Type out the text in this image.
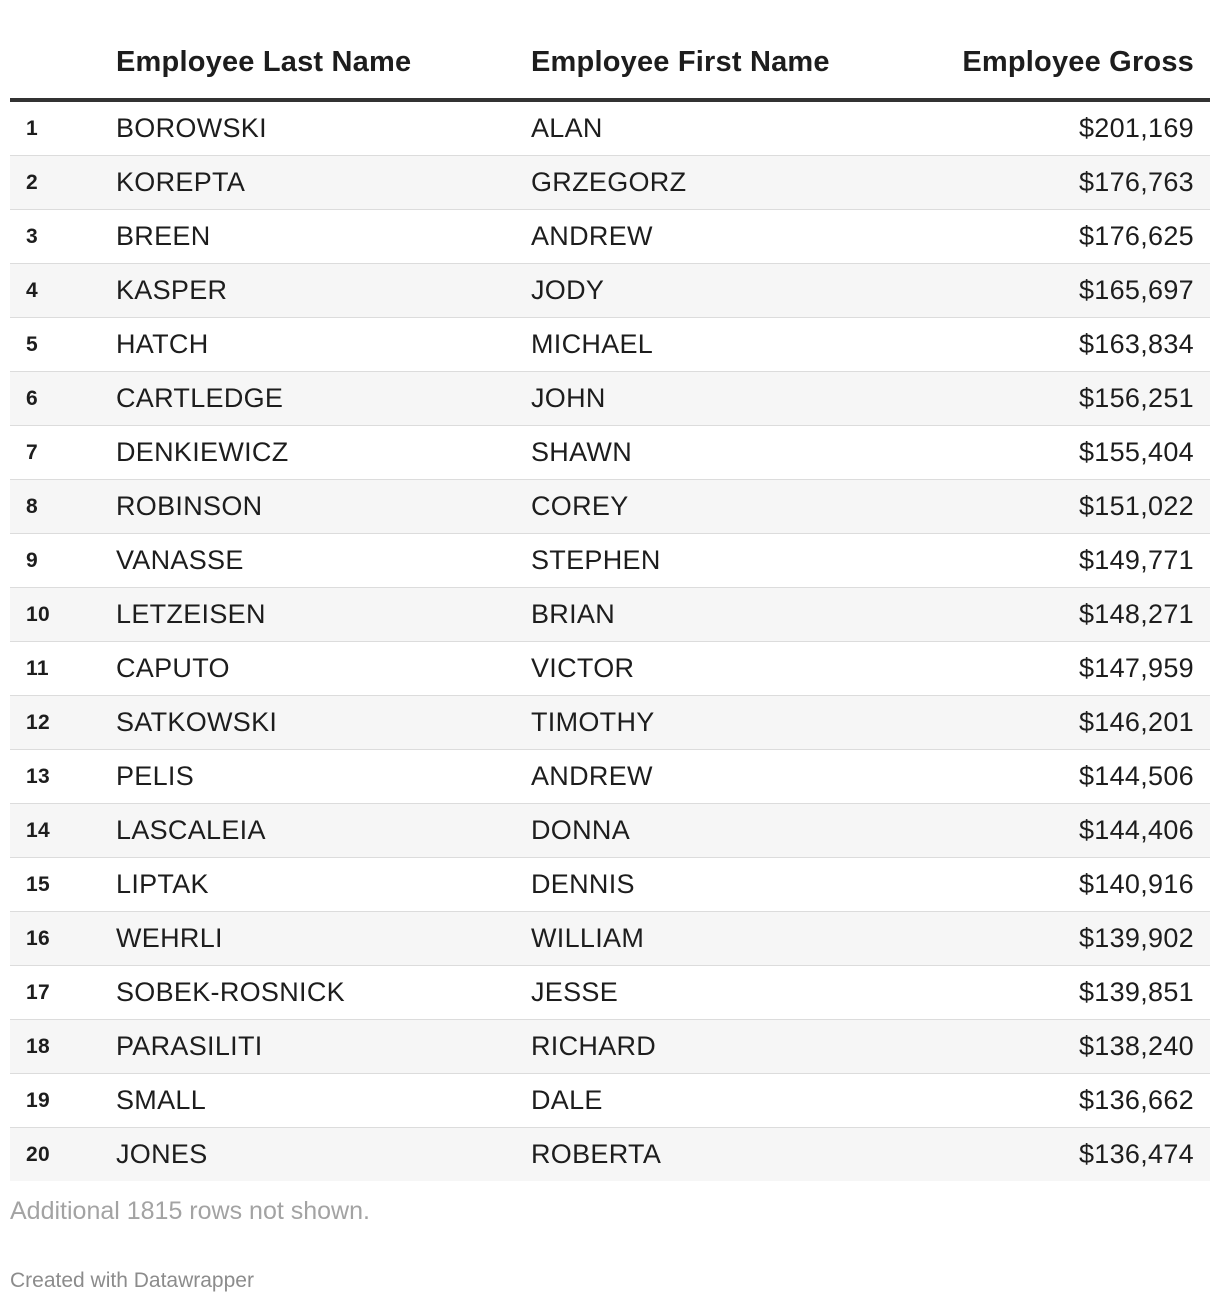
	Employee Last Name	Employee First Name	Employee Gross
1	BOROWSKI	ALAN	$201,169
2	KOREPTA	GRZEGORZ	$176,763
3	BREEN	ANDREW	$176,625
4	KASPER	JODY	$165,697
5	HATCH	MICHAEL	$163,834
6	CARTLEDGE	JOHN	$156,251
7	DENKIEWICZ	SHAWN	$155,404
8	ROBINSON	COREY	$151,022
9	VANASSE	STEPHEN	$149,771
10	LETZEISEN	BRIAN	$148,271
11	CAPUTO	VICTOR	$147,959
12	SATKOWSKI	TIMOTHY	$146,201
13	PELIS	ANDREW	$144,506
14	LASCALEIA	DONNA	$144,406
15	LIPTAK	DENNIS	$140,916
16	WEHRLI	WILLIAM	$139,902
17	SOBEK-ROSNICK	JESSE	$139,851
18	PARASILITI	RICHARD	$138,240
19	SMALL	DALE	$136,662
20	JONES	ROBERTA	$136,474
Additional 1815 rows not shown.
Created with Datawrapper
